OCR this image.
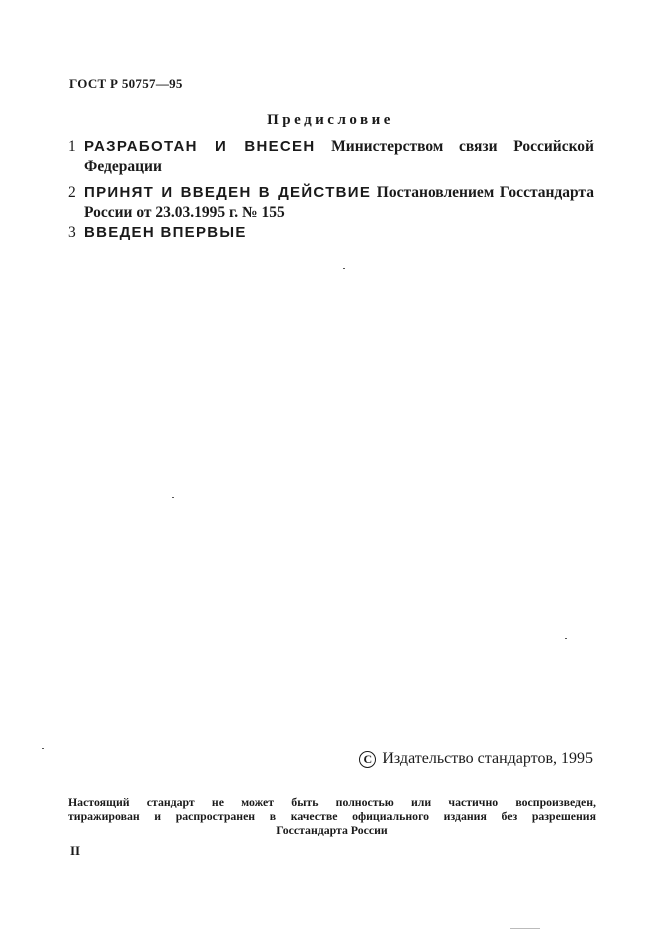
ГОСТ Р 50757—95
Предисловие
1 РАЗРАБОТАН И ВНЕСЕН Министерством связи Российской Федерации
2 ПРИНЯТ И ВВЕДЕН В ДЕЙСТВИЕ Постановлением Госстандарта России от 23.03.1995 г. № 155
3 ВВЕДЕН ВПЕРВЫЕ
C Издательство стандартов, 1995
Настоящий стандарт не может быть полностью или частично воспроизведен,
тиражирован и распространен в качестве официального издания без разрешения
Госстандарта России
II
